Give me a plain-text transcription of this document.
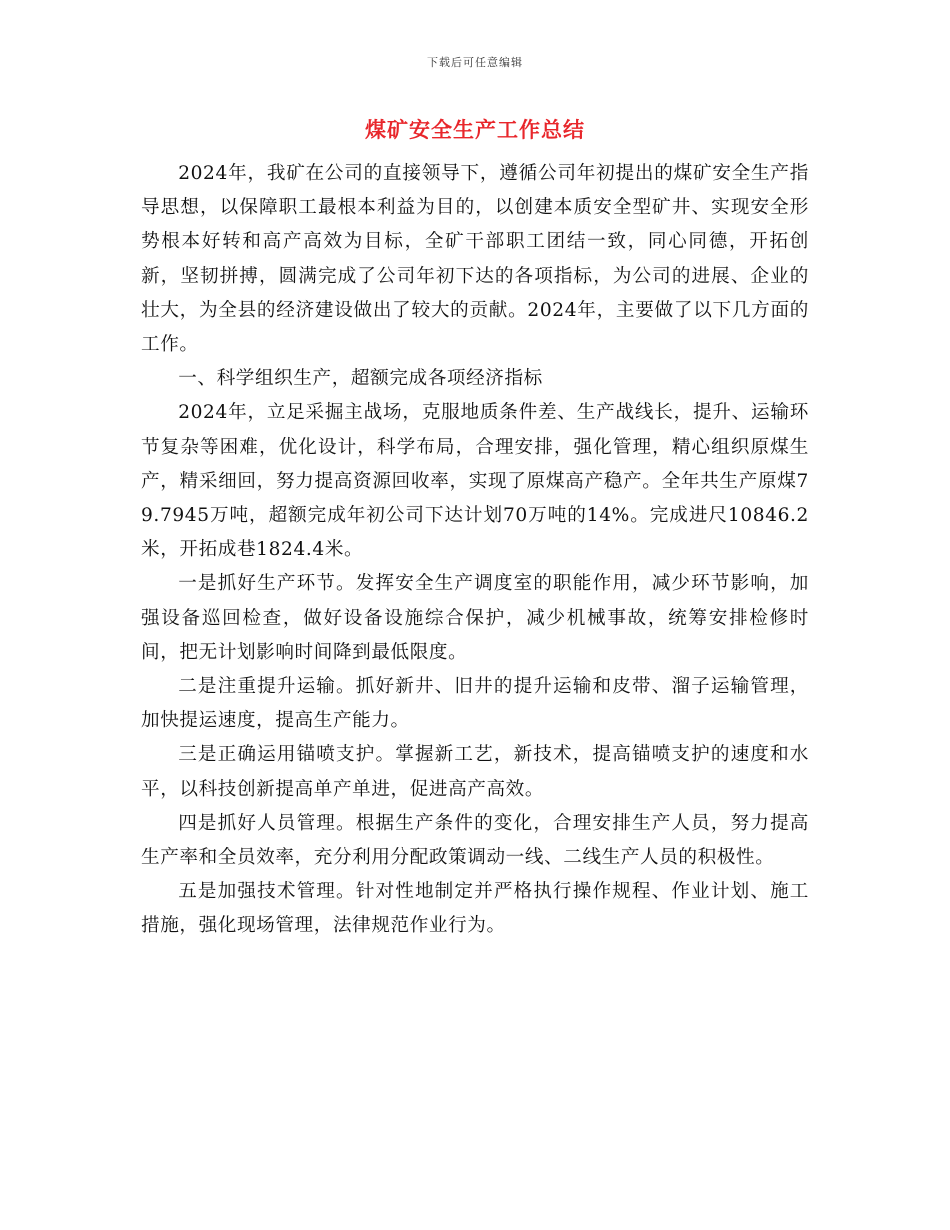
下载后可任意编辑
煤矿安全生产工作总结

2024年，我矿在公司的直接领导下，遵循公司年初提出的煤矿安全生产指导思想，以保障职工最根本利益为目的，以创建本质安全型矿井、实现安全形势根本好转和高产高效为目标，全矿干部职工团结一致，同心同德，开拓创新，坚韧拼搏，圆满完成了公司年初下达的各项指标，为公司的进展、企业的壮大，为全县的经济建设做出了较大的贡献。2024年，主要做了以下几方面的工作。

一、科学组织生产，超额完成各项经济指标

2024年，立足采掘主战场，克服地质条件差、生产战线长，提升、运输环节复杂等困难，优化设计，科学布局，合理安排，强化管理，精心组织原煤生产，精采细回，努力提高资源回收率，实现了原煤高产稳产。全年共生产原煤79.7945万吨，超额完成年初公司下达计划70万吨的14%。完成进尺10846.2米，开拓成巷1824.4米。

一是抓好生产环节。发挥安全生产调度室的职能作用，减少环节影响，加强设备巡回检查，做好设备设施综合保护，减少机械事故，统筹安排检修时间，把无计划影响时间降到最低限度。

二是注重提升运输。抓好新井、旧井的提升运输和皮带、溜子运输管理，加快提运速度，提高生产能力。

三是正确运用锚喷支护。掌握新工艺，新技术，提高锚喷支护的速度和水平，以科技创新提高单产单进，促进高产高效。

四是抓好人员管理。根据生产条件的变化，合理安排生产人员，努力提高生产率和全员效率，充分利用分配政策调动一线、二线生产人员的积极性。

五是加强技术管理。针对性地制定并严格执行操作规程、作业计划、施工措施，强化现场管理，法律规范作业行为。
